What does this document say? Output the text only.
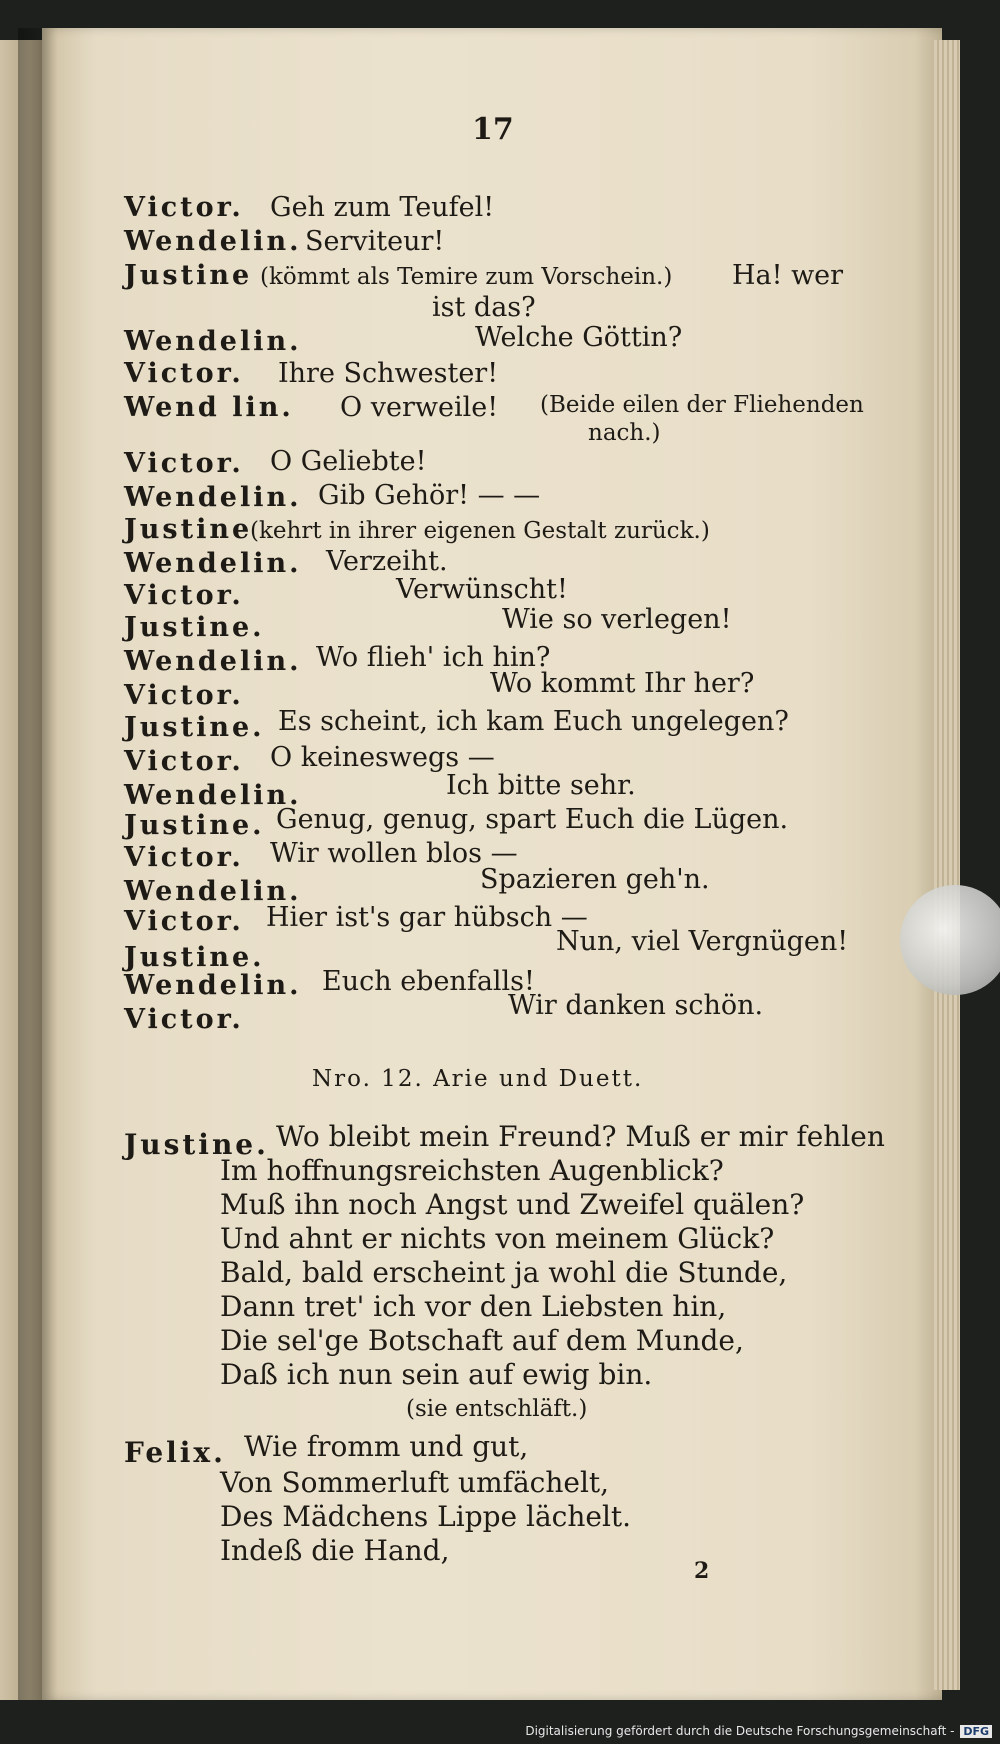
17
Victor. Geh zum Teufel!
Wendelin. Serviteur!
Justine (kömmt als Temire zum Vorschein.) Ha! wer
ist das?
Wendelin.	Welche Göttin?
Victor. Ihre Schwester!
Wend lin. O verweile! (Beide eilen der Fliehenden
nach.)
Victor. O Geliebte!
Wendelin. Gib Gehör! — —
Justine
(kehrt in ihrer eigenen Gestalt zurück.)
Wendelin. Verzeiht.
Victor.	Verwünscht!
Justine.	Wie so verlegen!
Wendelin. Wo flieh' ich hin?
Victor.	Wo kommt Ihr her?
Justine. Es scheint, ich kam Euch ungelegen?
Victor. O keineswegs —
Wendelin.	Ich bitte sehr.
Justine. Genug, genug, spart Euch die Lügen.
Victor. Wir wollen blos —
Wendelin.	Spazieren geh'n.
Victor. Hier ist's gar hübsch —
Justine.
Nun, viel Vergnügen!
Wendelin. Euch ebenfalls!
Victor.	Wir danken schön.
Nro. 12. Arie und Duett.
Justine. Wo bleibt mein Freund? Muß er mir fehlen
Im hoffnungsreichsten Augenblick?
Muß ihn noch Angst und Zweifel quälen?
Und ahnt er nichts von meinem Glück?
Bald, bald erscheint ja wohl die Stunde,
Dann tret' ich vor den Liebsten hin,
Die sel'ge Botschaft auf dem Munde,
Daß ich nun sein auf ewig bin.
(sie entschläft.)
Felix. Wie fromm und gut,
Von Sommerluft umfächelt,
Des Mädchens Lippe lächelt.
Indeß die Hand,
2
Digitalisierung gefördert durch die Deutsche Forschungsgemeinschaft - DFG
